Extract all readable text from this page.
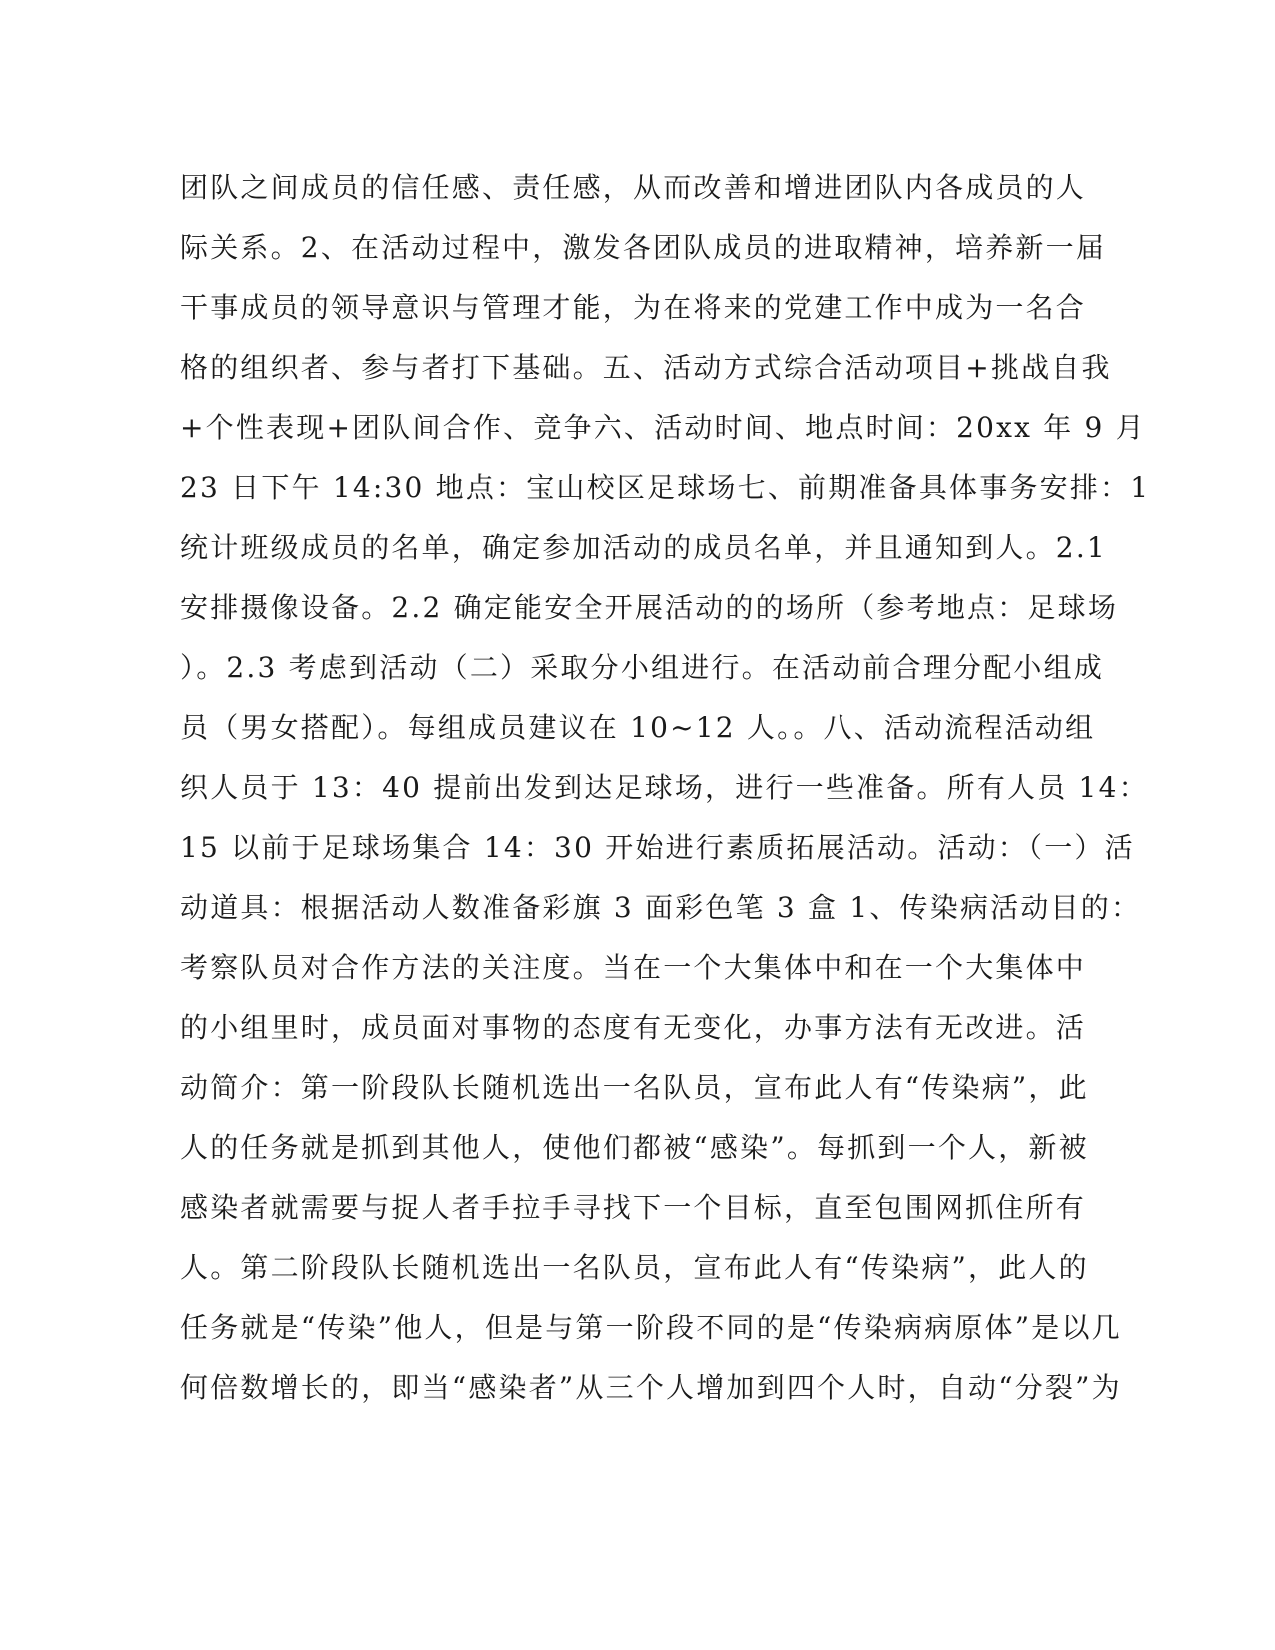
团队之间成员的信任感、责任感，从而改善和增进团队内各成员的人
际关系。2、在活动过程中，激发各团队成员的进取精神，培养新一届
干事成员的领导意识与管理才能，为在将来的党建工作中成为一名合
格的组织者、参与者打下基础。五、活动方式综合活动项目+挑战自我
+个性表现+团队间合作、竞争六、活动时间、地点时间：20xx 年 9 月
23 日下午 14:30 地点：宝山校区足球场七、前期准备具体事务安排：1
统计班级成员的名单，确定参加活动的成员名单，并且通知到人。2.1
安排摄像设备。2.2 确定能安全开展活动的的场所（参考地点：足球场
）。2.3 考虑到活动（二）采取分小组进行。在活动前合理分配小组成
员（男女搭配）。每组成员建议在 10~12 人。。八、活动流程活动组
织人员于 13：40 提前出发到达足球场，进行一些准备。所有人员 14：
15 以前于足球场集合 14：30 开始进行素质拓展活动。活动：（一）活
动道具：根据活动人数准备彩旗 3 面彩色笔 3 盒 1、传染病活动目的：
考察队员对合作方法的关注度。当在一个大集体中和在一个大集体中
的小组里时，成员面对事物的态度有无变化，办事方法有无改进。活
动简介：第一阶段队长随机选出一名队员，宣布此人有“传染病”，此
人的任务就是抓到其他人，使他们都被“感染”。每抓到一个人，新被
感染者就需要与捉人者手拉手寻找下一个目标，直至包围网抓住所有
人。第二阶段队长随机选出一名队员，宣布此人有“传染病”，此人的
任务就是“传染”他人，但是与第一阶段不同的是“传染病病原体”是以几
何倍数增长的，即当“感染者”从三个人增加到四个人时，自动“分裂”为
